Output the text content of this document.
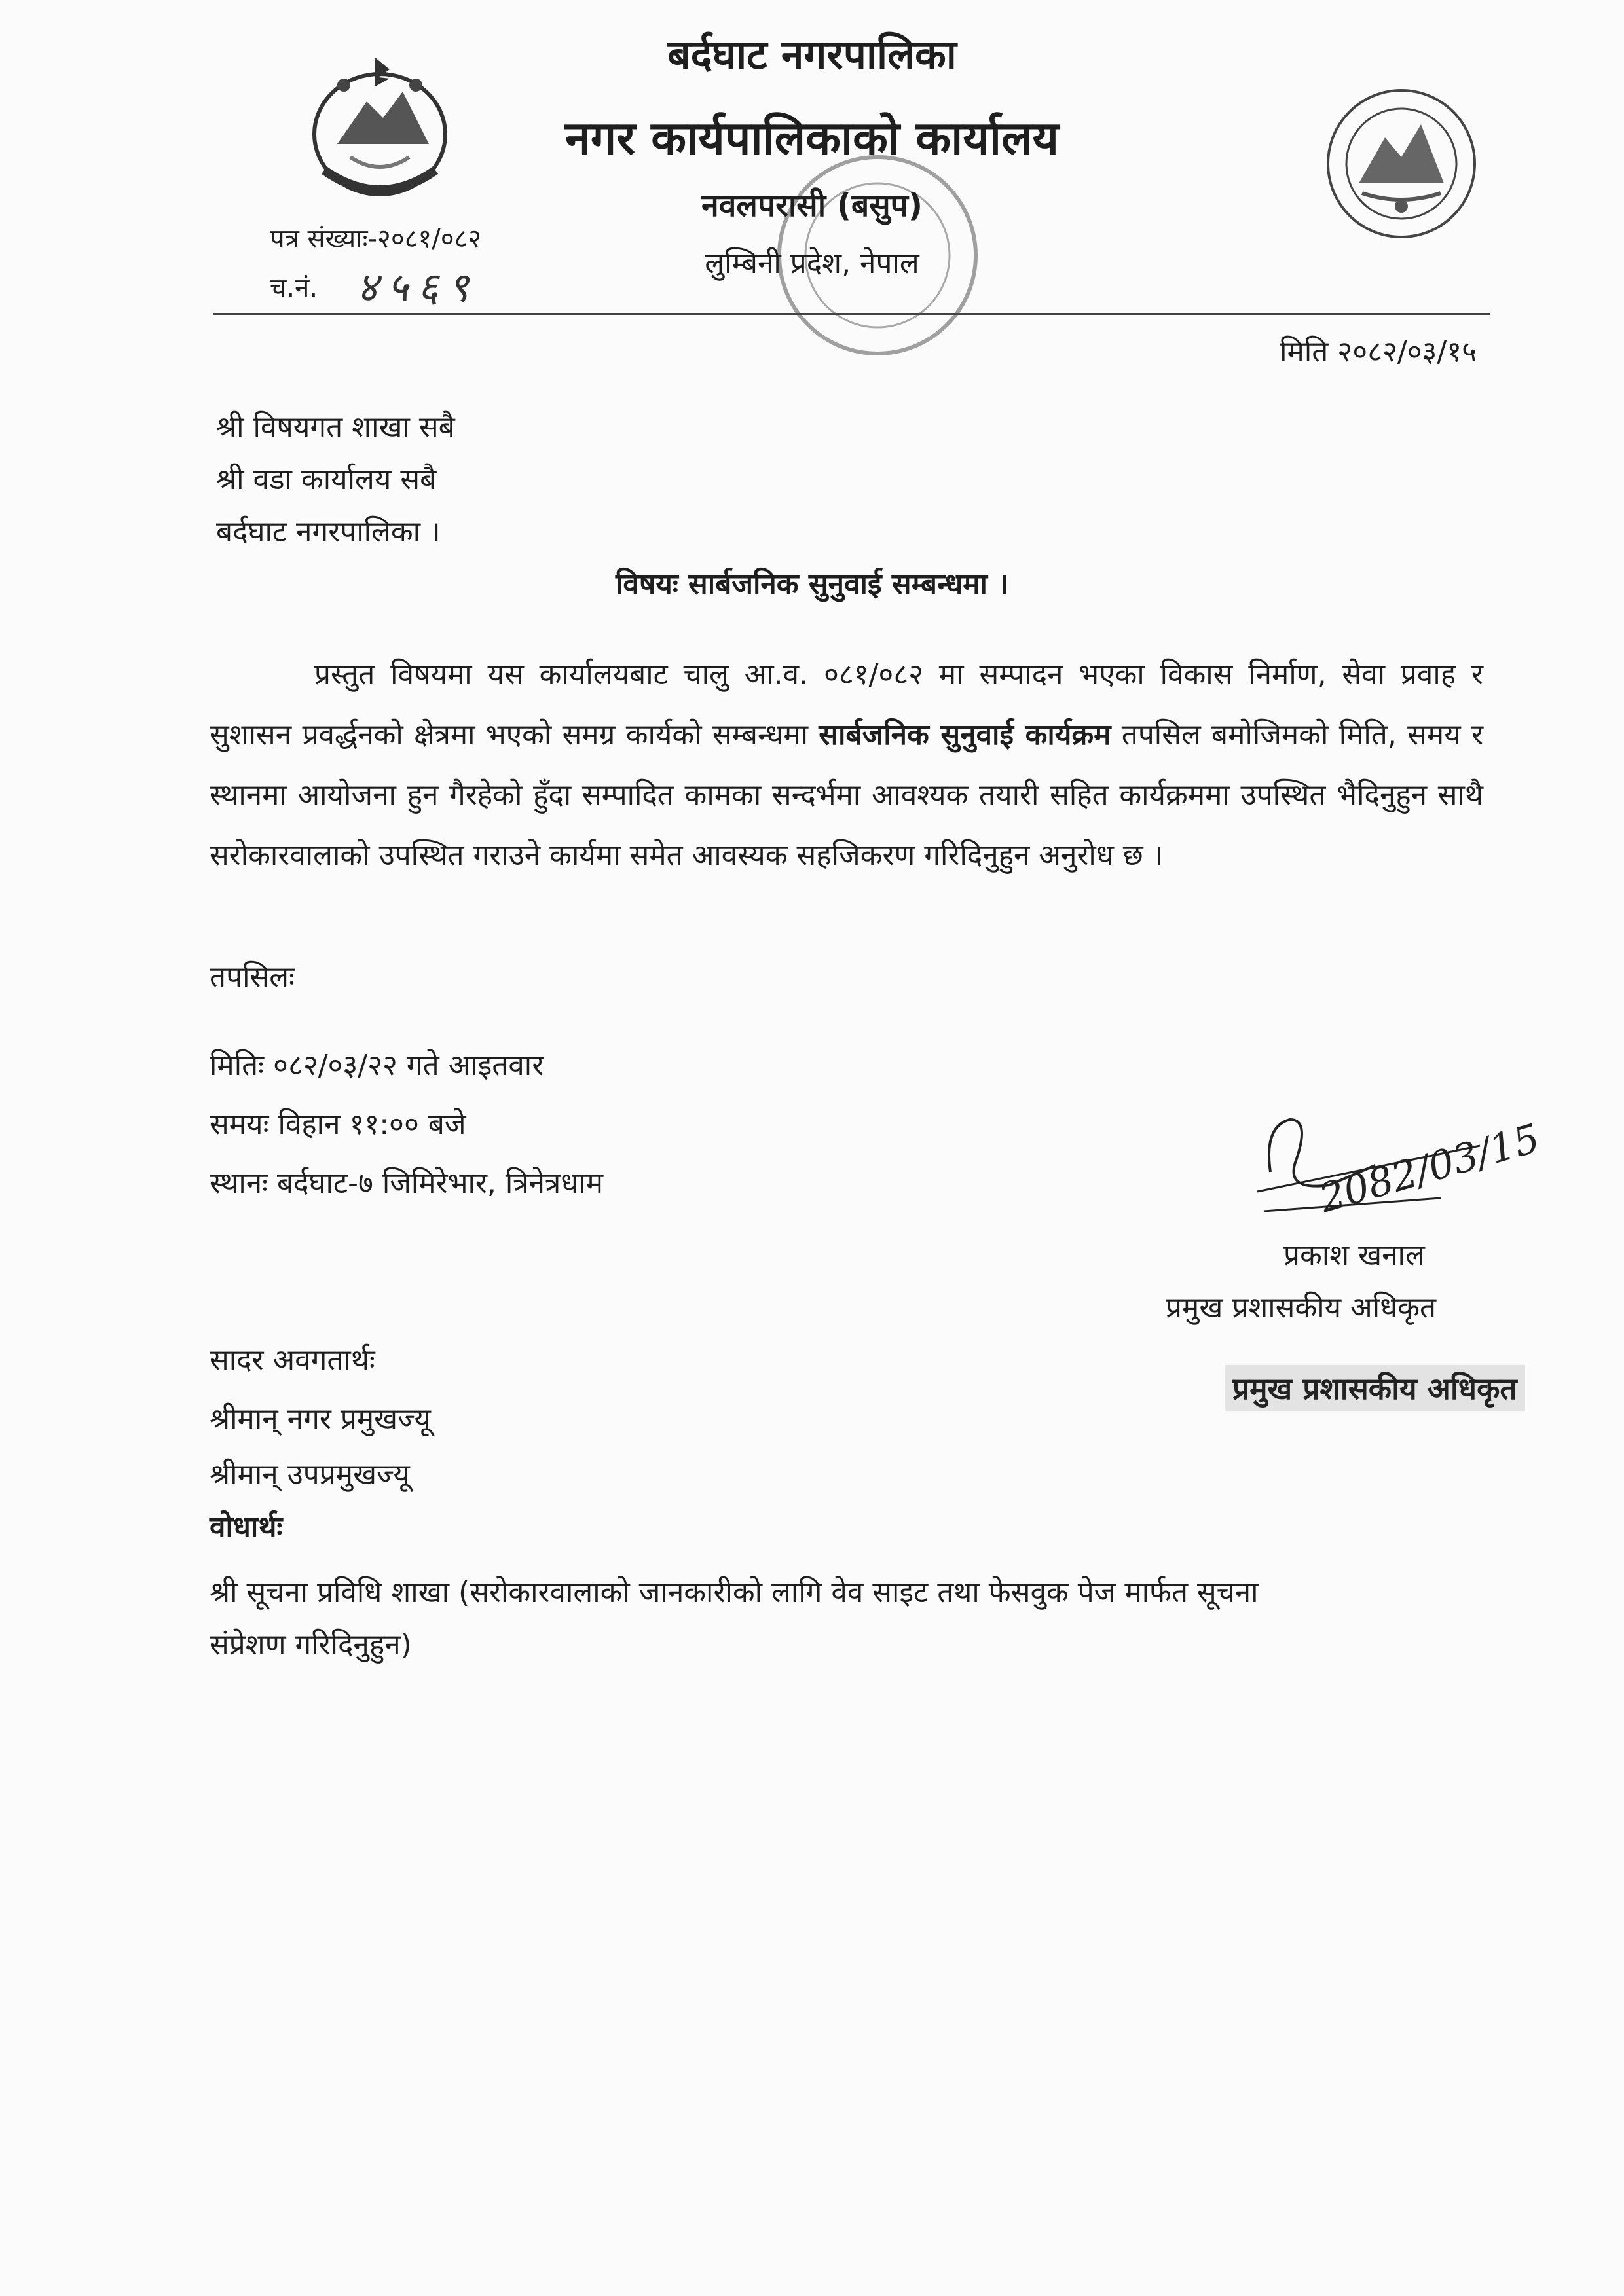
बर्दघाट नगरपालिका
नगर कार्यपालिकाको कार्यालय
नवलपरासी (बसुप)
लुम्बिनी प्रदेश, नेपाल
पत्र संख्याः-२०८१/०८२
च.नं. ४५६९
मिति २०८२/०३/१५
श्री विषयगत शाखा सबै
श्री वडा कार्यालय सबै
बर्दघाट नगरपालिका ।
विषयः सार्बजनिक सुनुवाई सम्बन्धमा ।
प्रस्तुत विषयमा यस कार्यालयबाट चालु आ.व. ०८१/०८२ मा सम्पादन भएका विकास निर्माण, सेवा प्रवाह र सुशासन प्रवर्द्धनको क्षेत्रमा भएको समग्र कार्यको सम्बन्धमा सार्बजनिक सुनुवाई कार्यक्रम तपसिल बमोजिमको मिति, समय र स्थानमा आयोजना हुन गैरहेको हुँदा सम्पादित कामका सन्दर्भमा आवश्यक तयारी सहित कार्यक्रममा उपस्थित भैदिनुहुन साथै सरोकारवालाको उपस्थित गराउने कार्यमा समेत आवस्यक सहजिकरण गरिदिनुहुन अनुरोध छ ।
तपसिलः
मितिः ०८२/०३/२२ गते आइतवार
समयः विहान ११:०० बजे
स्थानः बर्दघाट-७ जिमिरेभार, त्रिनेत्रधाम	2082/03/15
प्रकाश खनाल
प्रमुख प्रशासकीय अधिकृत
प्रमुख प्रशासकीय अधिकृत
सादर अवगतार्थः
श्रीमान् नगर प्रमुखज्यू
श्रीमान् उपप्रमुखज्यू
वोधार्थः
श्री सूचना प्रविधि शाखा (सरोकारवालाको जानकारीको लागि वेव साइट तथा फेसवुक पेज मार्फत सूचना
संप्रेशण गरिदिनुहुन)
